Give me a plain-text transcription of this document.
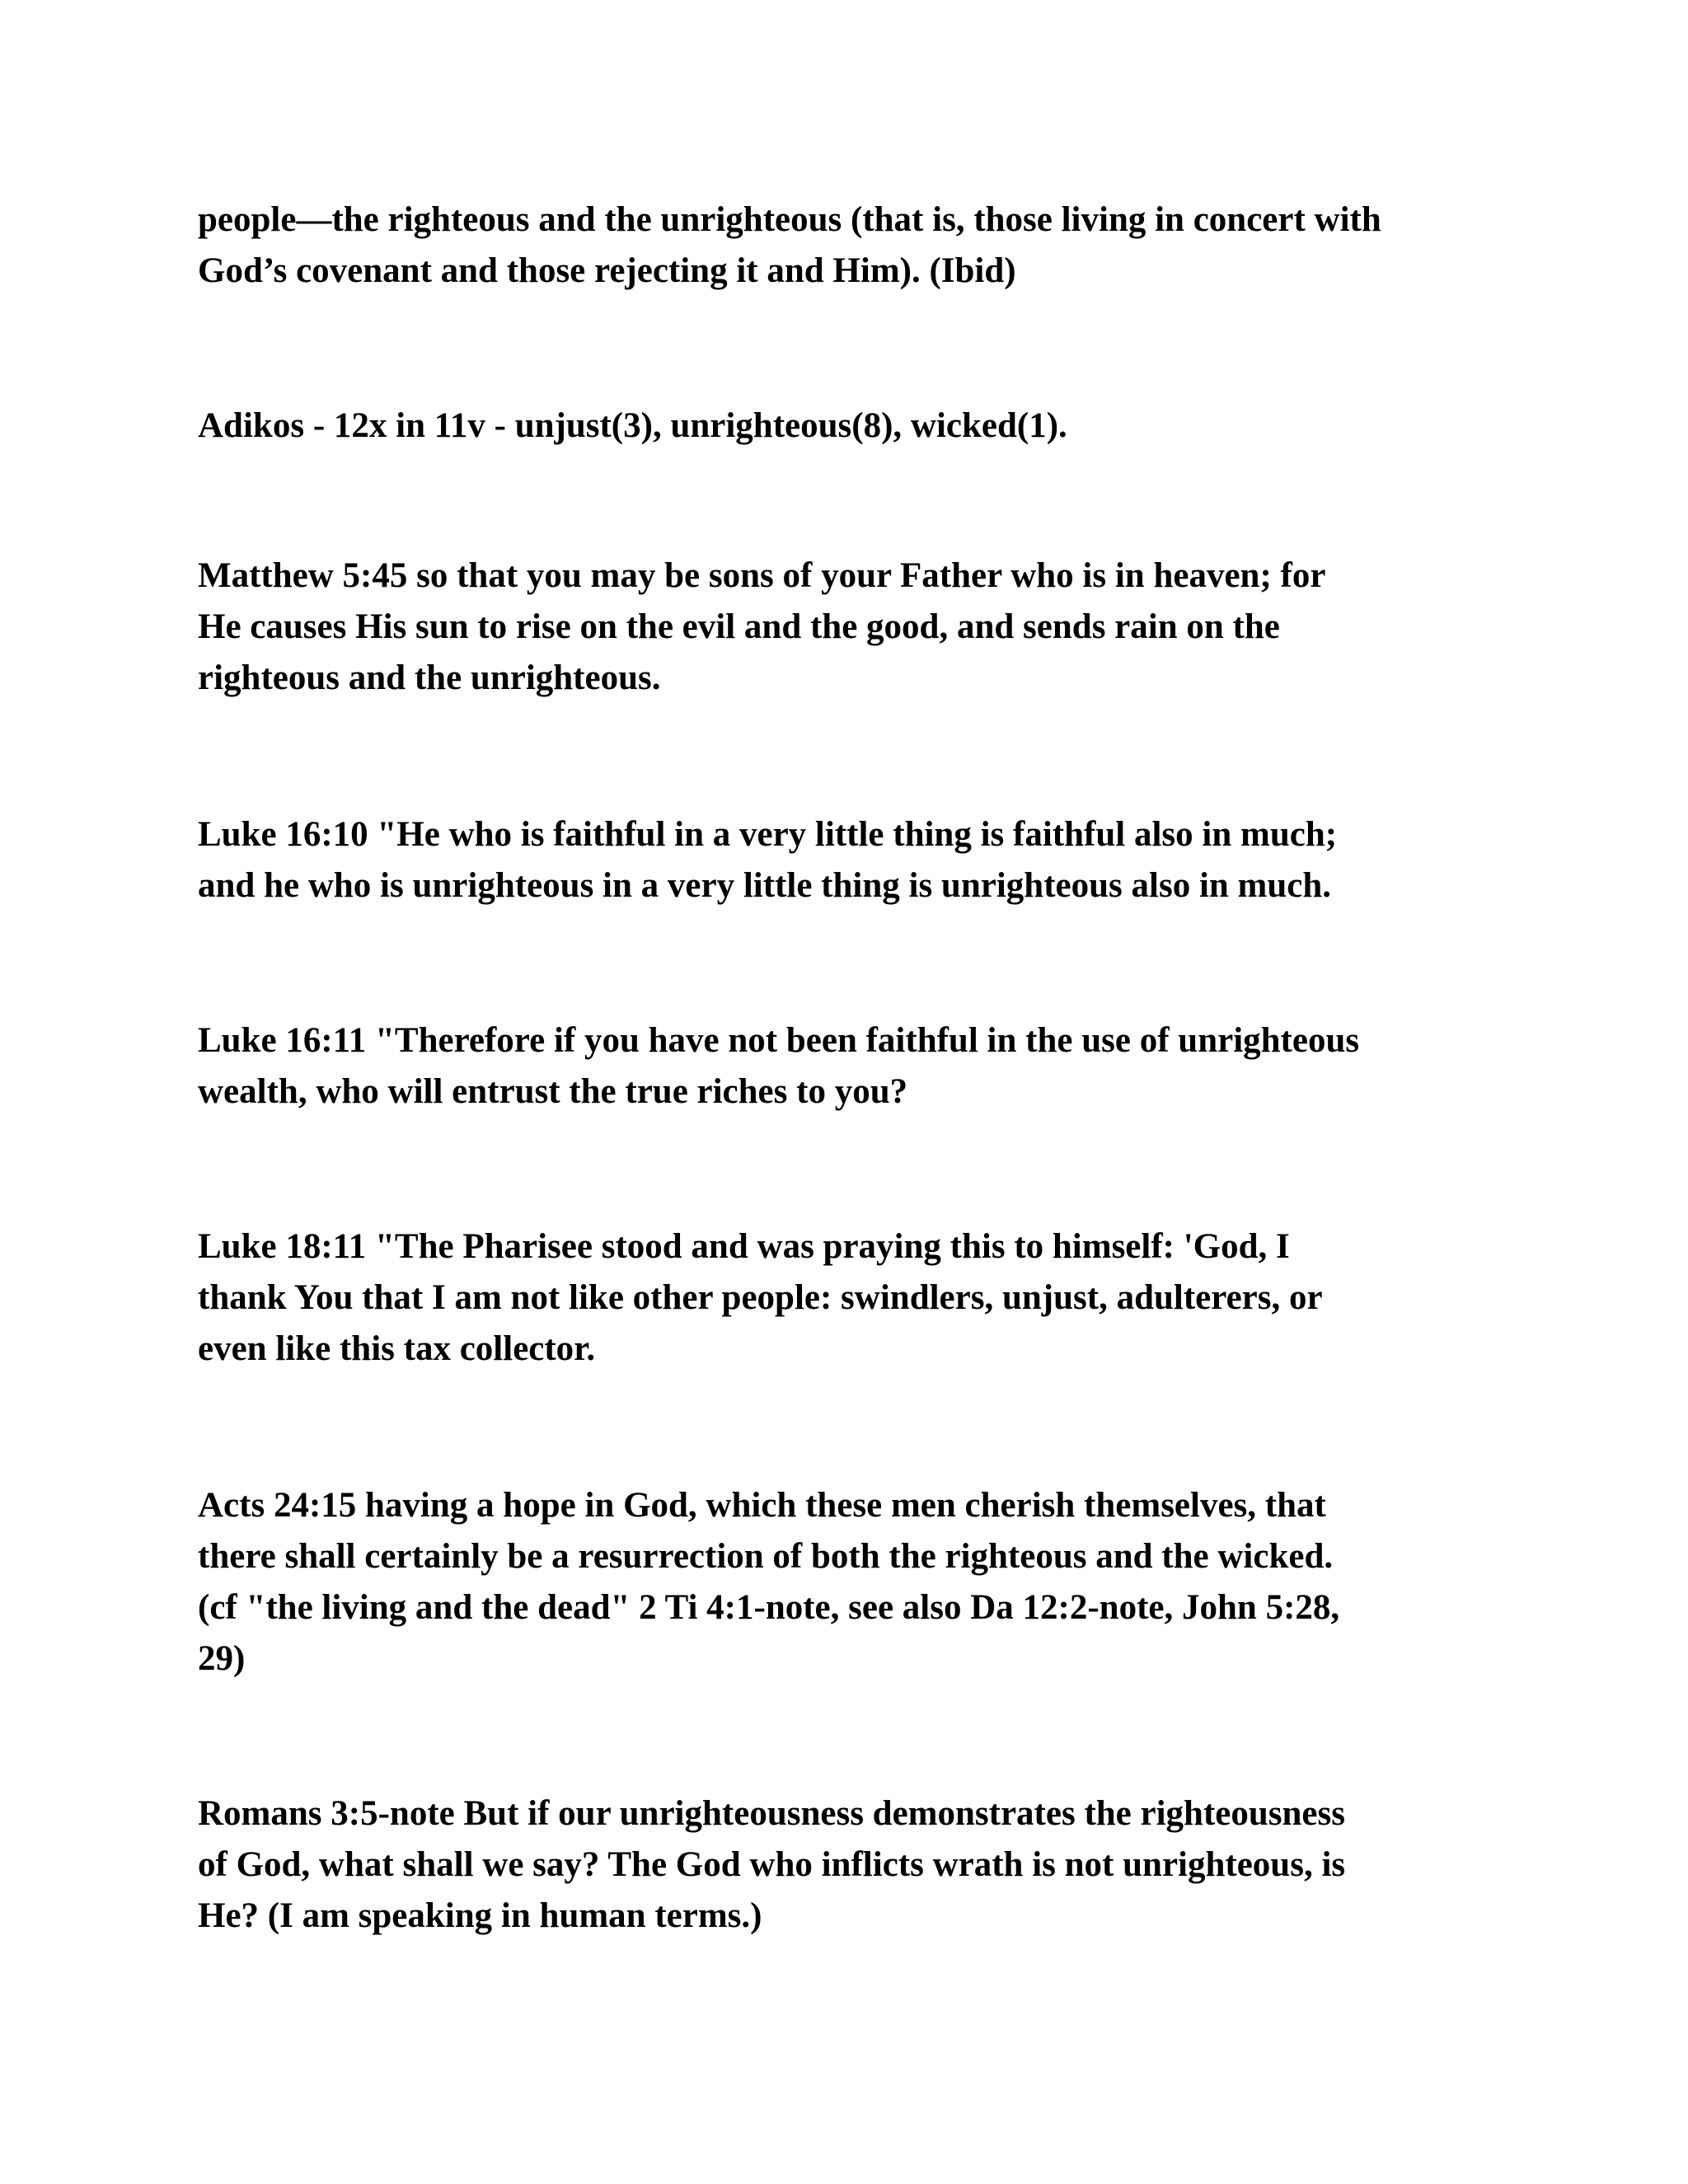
people—the righteous and the unrighteous (that is, those living in concert with
God’s covenant and those rejecting it and Him). (Ibid)

Adikos - 12x in 11v - unjust(3), unrighteous(8), wicked(1).

Matthew 5:45 so that you may be sons of your Father who is in heaven; for
He causes His sun to rise on the evil and the good, and sends rain on the
righteous and the unrighteous.

Luke 16:10 "He who is faithful in a very little thing is faithful also in much;
and he who is unrighteous in a very little thing is unrighteous also in much.

Luke 16:11 "Therefore if you have not been faithful in the use of unrighteous
wealth, who will entrust the true riches to you?

Luke 18:11 "The Pharisee stood and was praying this to himself: 'God, I
thank You that I am not like other people: swindlers, unjust, adulterers, or
even like this tax collector.

Acts 24:15 having a hope in God, which these men cherish themselves, that
there shall certainly be a resurrection of both the righteous and the wicked.
(cf "the living and the dead" 2 Ti 4:1-note, see also Da 12:2-note, John 5:28,
29)

Romans 3:5-note But if our unrighteousness demonstrates the righteousness
of God, what shall we say? The God who inflicts wrath is not unrighteous, is
He? (I am speaking in human terms.)
